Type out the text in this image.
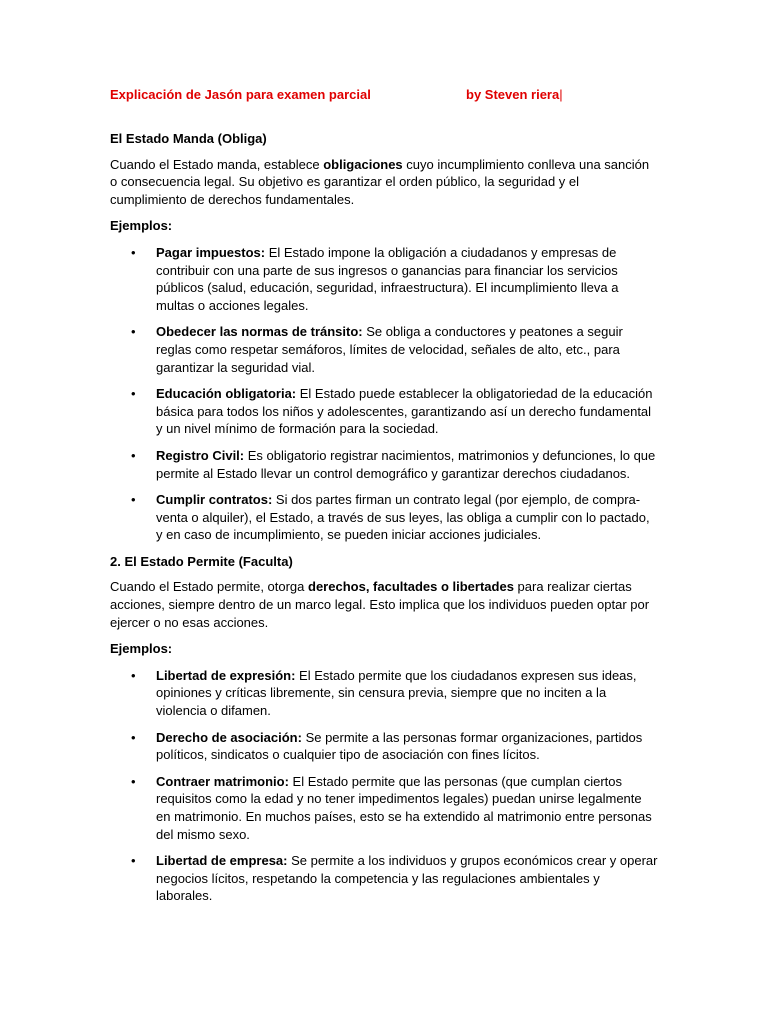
Explicación de Jasón para examen parcial	by Steven riera|
El Estado Manda (Obliga)

Cuando el Estado manda, establece obligaciones cuyo incumplimiento conlleva una sanción o consecuencia legal. Su objetivo es garantizar el orden público, la seguridad y el cumplimiento de derechos fundamentales.

Ejemplos:
• Pagar impuestos: El Estado impone la obligación a ciudadanos y empresas de contribuir con una parte de sus ingresos o ganancias para financiar los servicios públicos (salud, educación, seguridad, infraestructura). El incumplimiento lleva a multas o acciones legales.
• Obedecer las normas de tránsito: Se obliga a conductores y peatones a seguir reglas como respetar semáforos, límites de velocidad, señales de alto, etc., para garantizar la seguridad vial.
• Educación obligatoria: El Estado puede establecer la obligatoriedad de la educación básica para todos los niños y adolescentes, garantizando así un derecho fundamental y un nivel mínimo de formación para la sociedad.
• Registro Civil: Es obligatorio registrar nacimientos, matrimonios y defunciones, lo que permite al Estado llevar un control demográfico y garantizar derechos ciudadanos.
• Cumplir contratos: Si dos partes firman un contrato legal (por ejemplo, de compra-venta o alquiler), el Estado, a través de sus leyes, las obliga a cumplir con lo pactado, y en caso de incumplimiento, se pueden iniciar acciones judiciales.
2. El Estado Permite (Faculta)

Cuando el Estado permite, otorga derechos, facultades o libertades para realizar ciertas acciones, siempre dentro de un marco legal. Esto implica que los individuos pueden optar por ejercer o no esas acciones.

Ejemplos:
• Libertad de expresión: El Estado permite que los ciudadanos expresen sus ideas, opiniones y críticas libremente, sin censura previa, siempre que no inciten a la violencia o difamen.
• Derecho de asociación: Se permite a las personas formar organizaciones, partidos políticos, sindicatos o cualquier tipo de asociación con fines lícitos.
• Contraer matrimonio: El Estado permite que las personas (que cumplan ciertos requisitos como la edad y no tener impedimentos legales) puedan unirse legalmente en matrimonio. En muchos países, esto se ha extendido al matrimonio entre personas del mismo sexo.
• Libertad de empresa: Se permite a los individuos y grupos económicos crear y operar negocios lícitos, respetando la competencia y las regulaciones ambientales y laborales.
